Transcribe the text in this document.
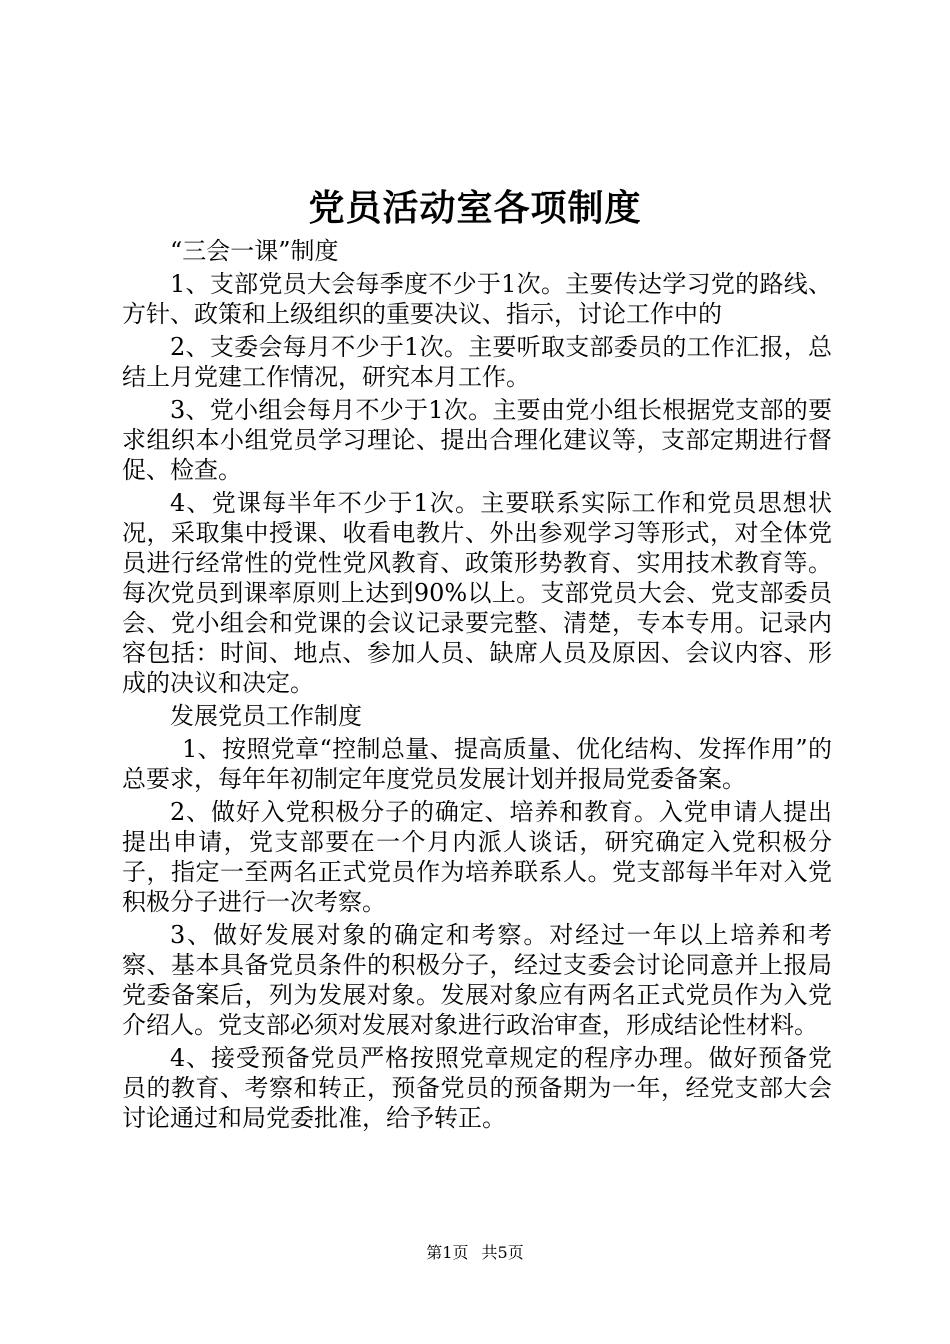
党员活动室各项制度

“三会一课”制度

1、支部党员大会每季度不少于1次。主要传达学习党的路线、方针、政策和上级组织的重要决议、指示，讨论工作中的

2、支委会每月不少于1次。主要听取支部委员的工作汇报，总结上月党建工作情况，研究本月工作。

3、党小组会每月不少于1次。主要由党小组长根据党支部的要求组织本小组党员学习理论、提出合理化建议等，支部定期进行督促、检查。

4、党课每半年不少于1次。主要联系实际工作和党员思想状况，采取集中授课、收看电教片、外出参观学习等形式，对全体党员进行经常性的党性党风教育、政策形势教育、实用技术教育等。每次党员到课率原则上达到90%以上。支部党员大会、党支部委员会、党小组会和党课的会议记录要完整、清楚，专本专用。记录内容包括：时间、地点、参加人员、缺席人员及原因、会议内容、形成的决议和决定。

发展党员工作制度

1、按照党章“控制总量、提高质量、优化结构、发挥作用”的总要求，每年年初制定年度党员发展计划并报局党委备案。

2、做好入党积极分子的确定、培养和教育。入党申请人提出提出申请，党支部要在一个月内派人谈话，研究确定入党积极分子，指定一至两名正式党员作为培养联系人。党支部每半年对入党积极分子进行一次考察。

3、做好发展对象的确定和考察。对经过一年以上培养和考察、基本具备党员条件的积极分子，经过支委会讨论同意并上报局党委备案后，列为发展对象。发展对象应有两名正式党员作为入党介绍人。党支部必须对发展对象进行政治审查，形成结论性材料。

4、接受预备党员严格按照党章规定的程序办理。做好预备党员的教育、考察和转正，预备党员的预备期为一年，经党支部大会讨论通过和局党委批准，给予转正。

第1页 共5页
